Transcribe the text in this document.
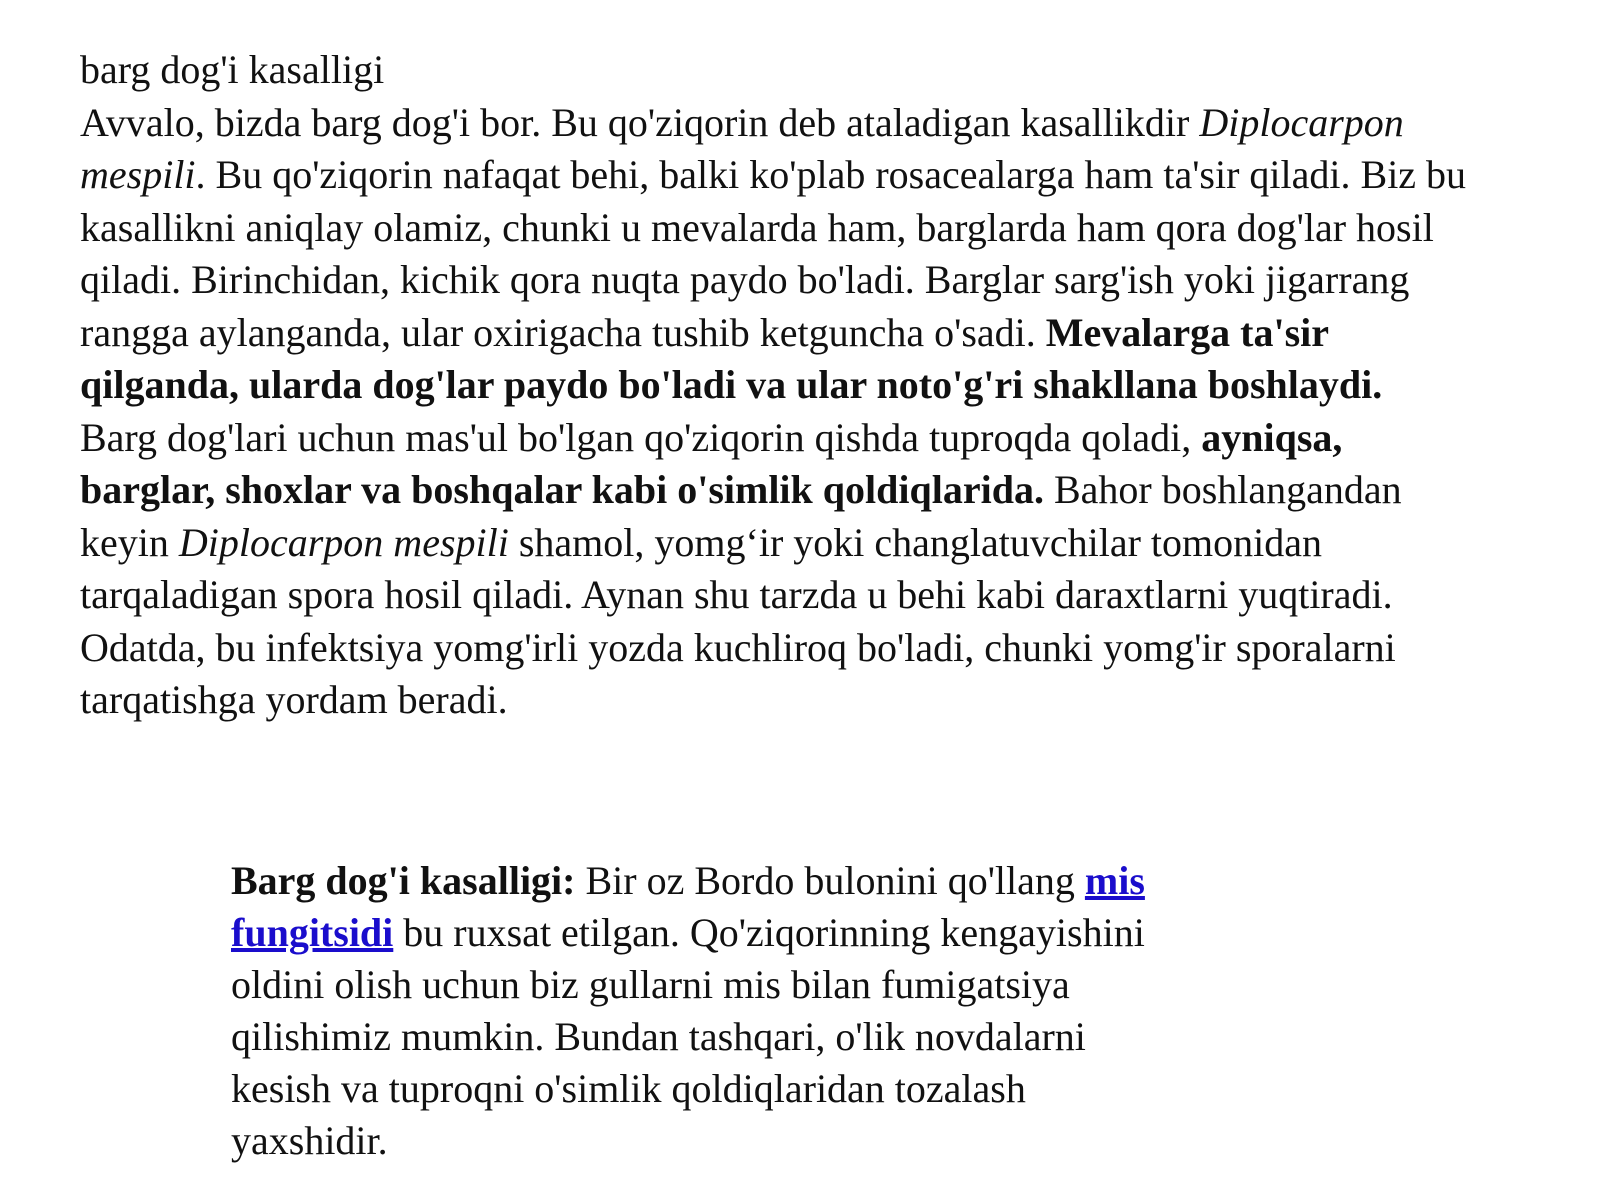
barg dog'i kasalligi

Avvalo, bizda barg dog'i bor. Bu qo'ziqorin deb ataladigan kasallikdir Diplocarpon mespili. Bu qo'ziqorin nafaqat behi, balki ko'plab rosacealarga ham ta'sir qiladi. Biz bu kasallikni aniqlay olamiz, chunki u mevalarda ham, barglarda ham qora dog'lar hosil qiladi. Birinchidan, kichik qora nuqta paydo bo'ladi. Barglar sarg'ish yoki jigarrang rangga aylanganda, ular oxirigacha tushib ketguncha o'sadi. Mevalarga ta'sir qilganda, ularda dog'lar paydo bo'ladi va ular noto'g'ri shakllana boshlaydi.

Barg dog'lari uchun mas'ul bo'lgan qo'ziqorin qishda tuproqda qoladi, ayniqsa, barglar, shoxlar va boshqalar kabi o'simlik qoldiqlarida. Bahor boshlangandan keyin Diplocarpon mespili shamol, yomg‘ir yoki changlatuvchilar tomonidan tarqaladigan spora hosil qiladi. Aynan shu tarzda u behi kabi daraxtlarni yuqtiradi. Odatda, bu infektsiya yomg'irli yozda kuchliroq bo'ladi, chunki yomg'ir sporalarni tarqatishga yordam beradi.

Barg dog'i kasalligi: Bir oz Bordo bulonini qo'llang mis fungitsidi bu ruxsat etilgan. Qo'ziqorinning kengayishini oldini olish uchun biz gullarni mis bilan fumigatsiya qilishimiz mumkin. Bundan tashqari, o'lik novdalarni kesish va tuproqni o'simlik qoldiqlaridan tozalash yaxshidir.
